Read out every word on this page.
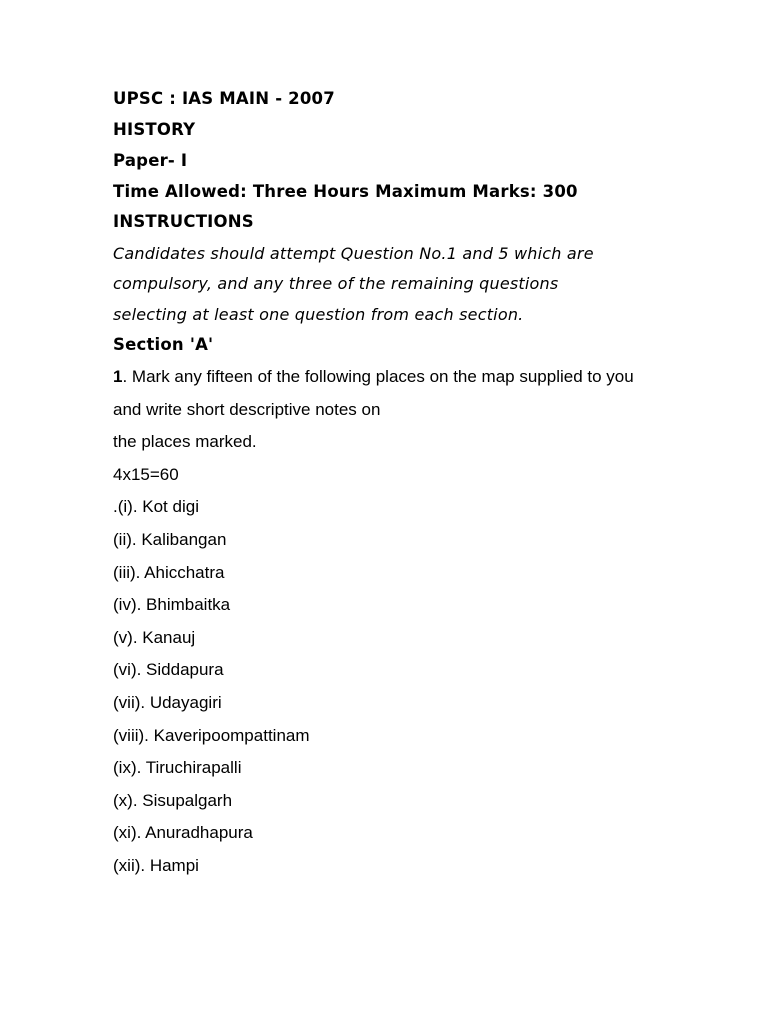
UPSC : IAS MAIN - 2007
HISTORY
Paper- I
Time Allowed: Three Hours Maximum Marks: 300
INSTRUCTIONS
Candidates should attempt Question No.1 and 5 which are
compulsory, and any three of the remaining questions
selecting at least one question from each section.
Section 'A'
1. Mark any fifteen of the following places on the map supplied to you
and write short descriptive notes on
the places marked.
4x15=60
.(i). Kot digi
(ii). Kalibangan
(iii). Ahicchatra
(iv). Bhimbaitka
(v). Kanauj
(vi). Siddapura
(vii). Udayagiri
(viii). Kaveripoompattinam
(ix). Tiruchirapalli
(x). Sisupalgarh
(xi). Anuradhapura
(xii). Hampi
